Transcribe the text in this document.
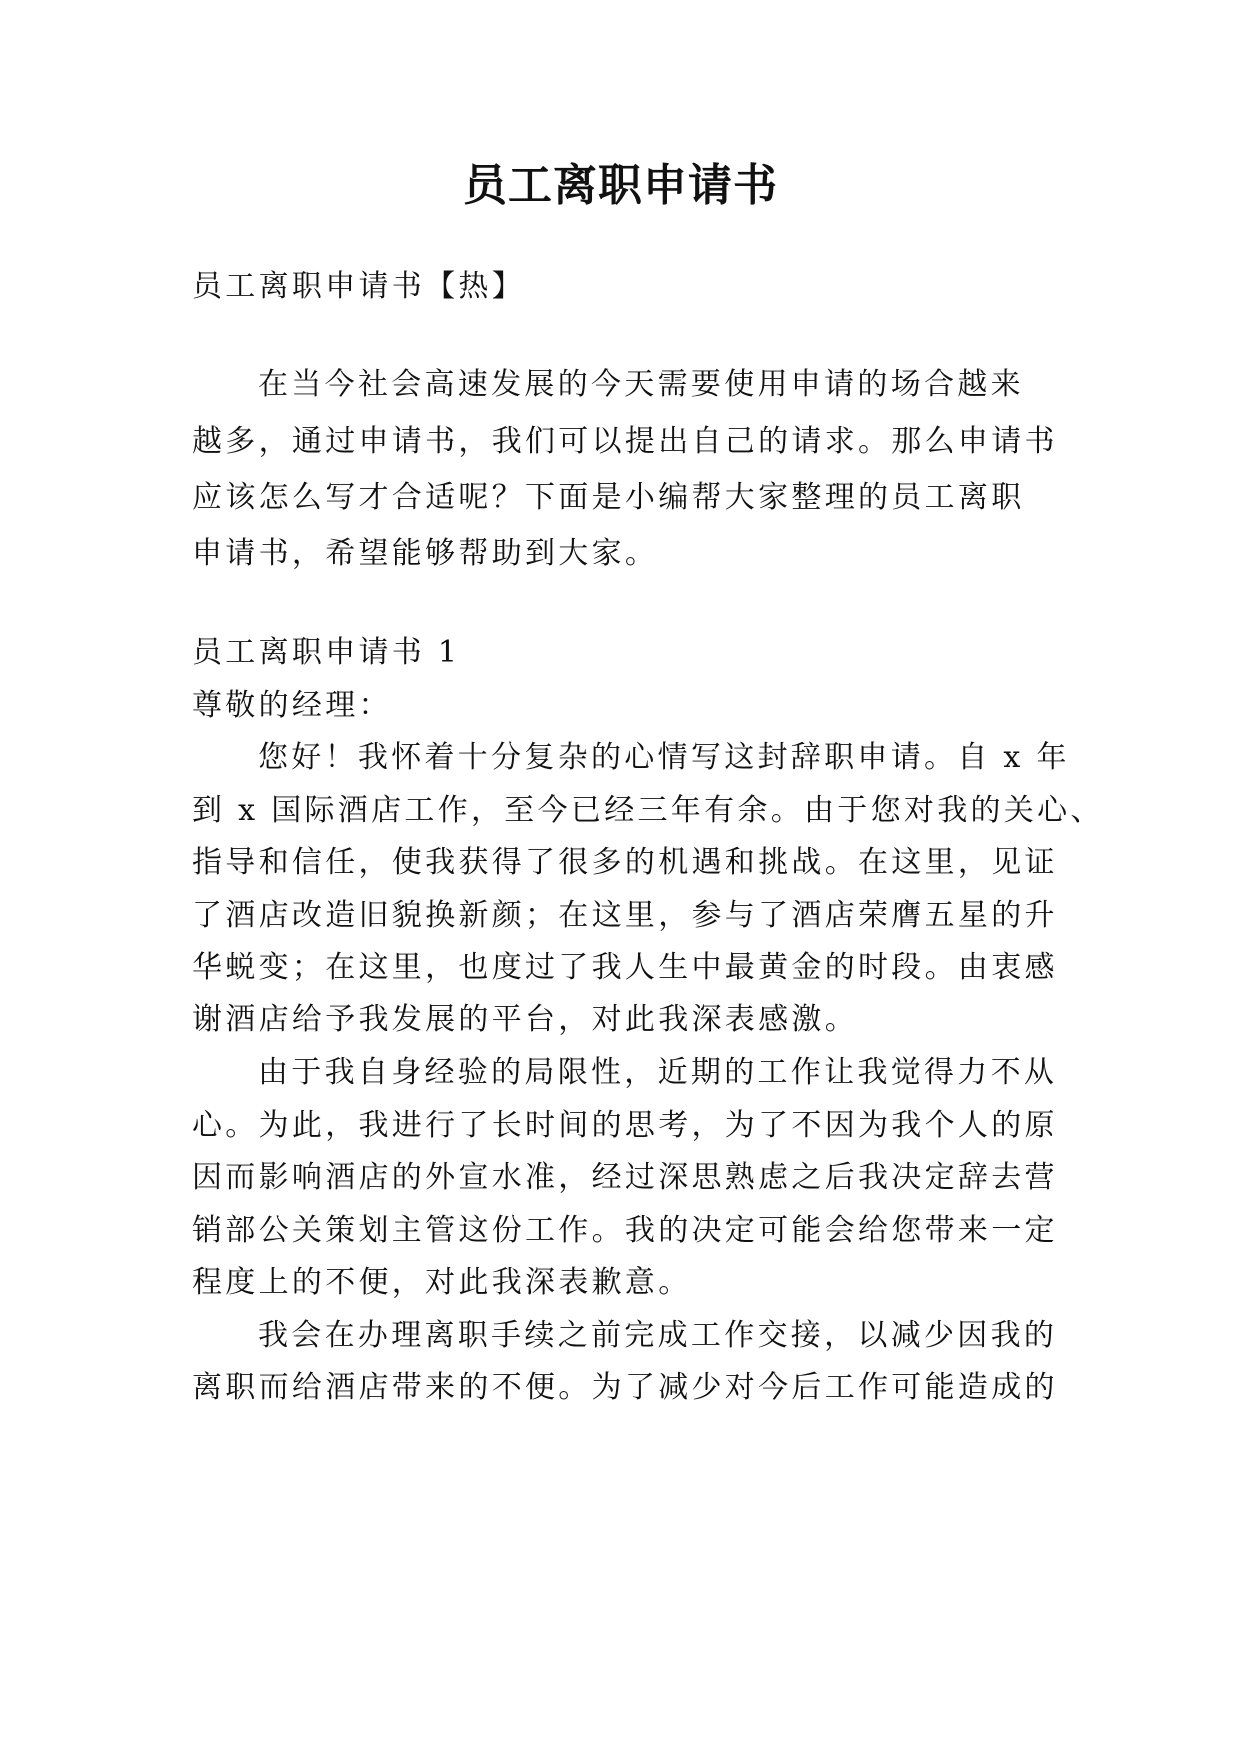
员工离职申请书
员工离职申请书【热】
在当今社会高速发展的今天需要使用申请的场合越来
越多，通过申请书，我们可以提出自己的请求。那么申请书
应该怎么写才合适呢？下面是小编帮大家整理的员工离职
申请书，希望能够帮助到大家。
员工离职申请书 1
尊敬的经理：
您好！我怀着十分复杂的心情写这封辞职申请。自 x 年
到 x 国际酒店工作，至今已经三年有余。由于您对我的关心、
指导和信任，使我获得了很多的机遇和挑战。在这里，见证
了酒店改造旧貌换新颜；在这里，参与了酒店荣膺五星的升
华蜕变；在这里，也度过了我人生中最黄金的时段。由衷感
谢酒店给予我发展的平台，对此我深表感激。
由于我自身经验的局限性，近期的工作让我觉得力不从
心。为此，我进行了长时间的思考，为了不因为我个人的原
因而影响酒店的外宣水准，经过深思熟虑之后我决定辞去营
销部公关策划主管这份工作。我的决定可能会给您带来一定
程度上的不便，对此我深表歉意。
我会在办理离职手续之前完成工作交接，以减少因我的
离职而给酒店带来的不便。为了减少对今后工作可能造成的
